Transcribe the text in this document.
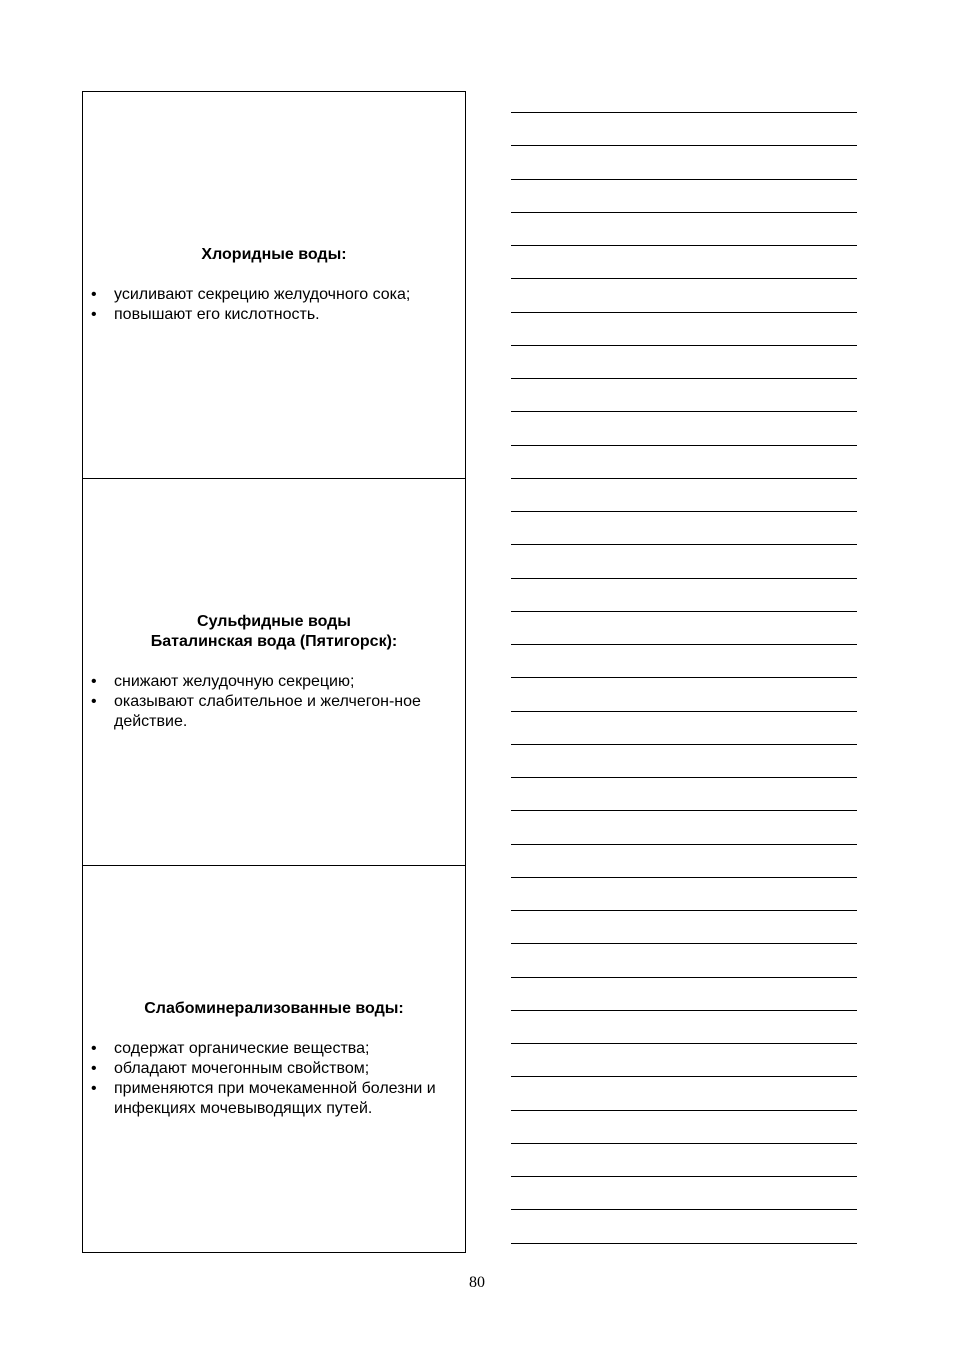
Хлоридные воды:
• усиливают секрецию желудочного сока;
• повышают его кислотность.
Сульфидные воды
Баталинская вода (Пятигорск):
• снижают желудочную секрецию;
• оказывают слабительное и желчегон-ное действие.
Слабоминерализованные воды:
• содержат органические вещества;
• обладают мочегонным свойством;
• применяются при мочекаменной болезни и инфекциях мочевыводящих путей.
80
